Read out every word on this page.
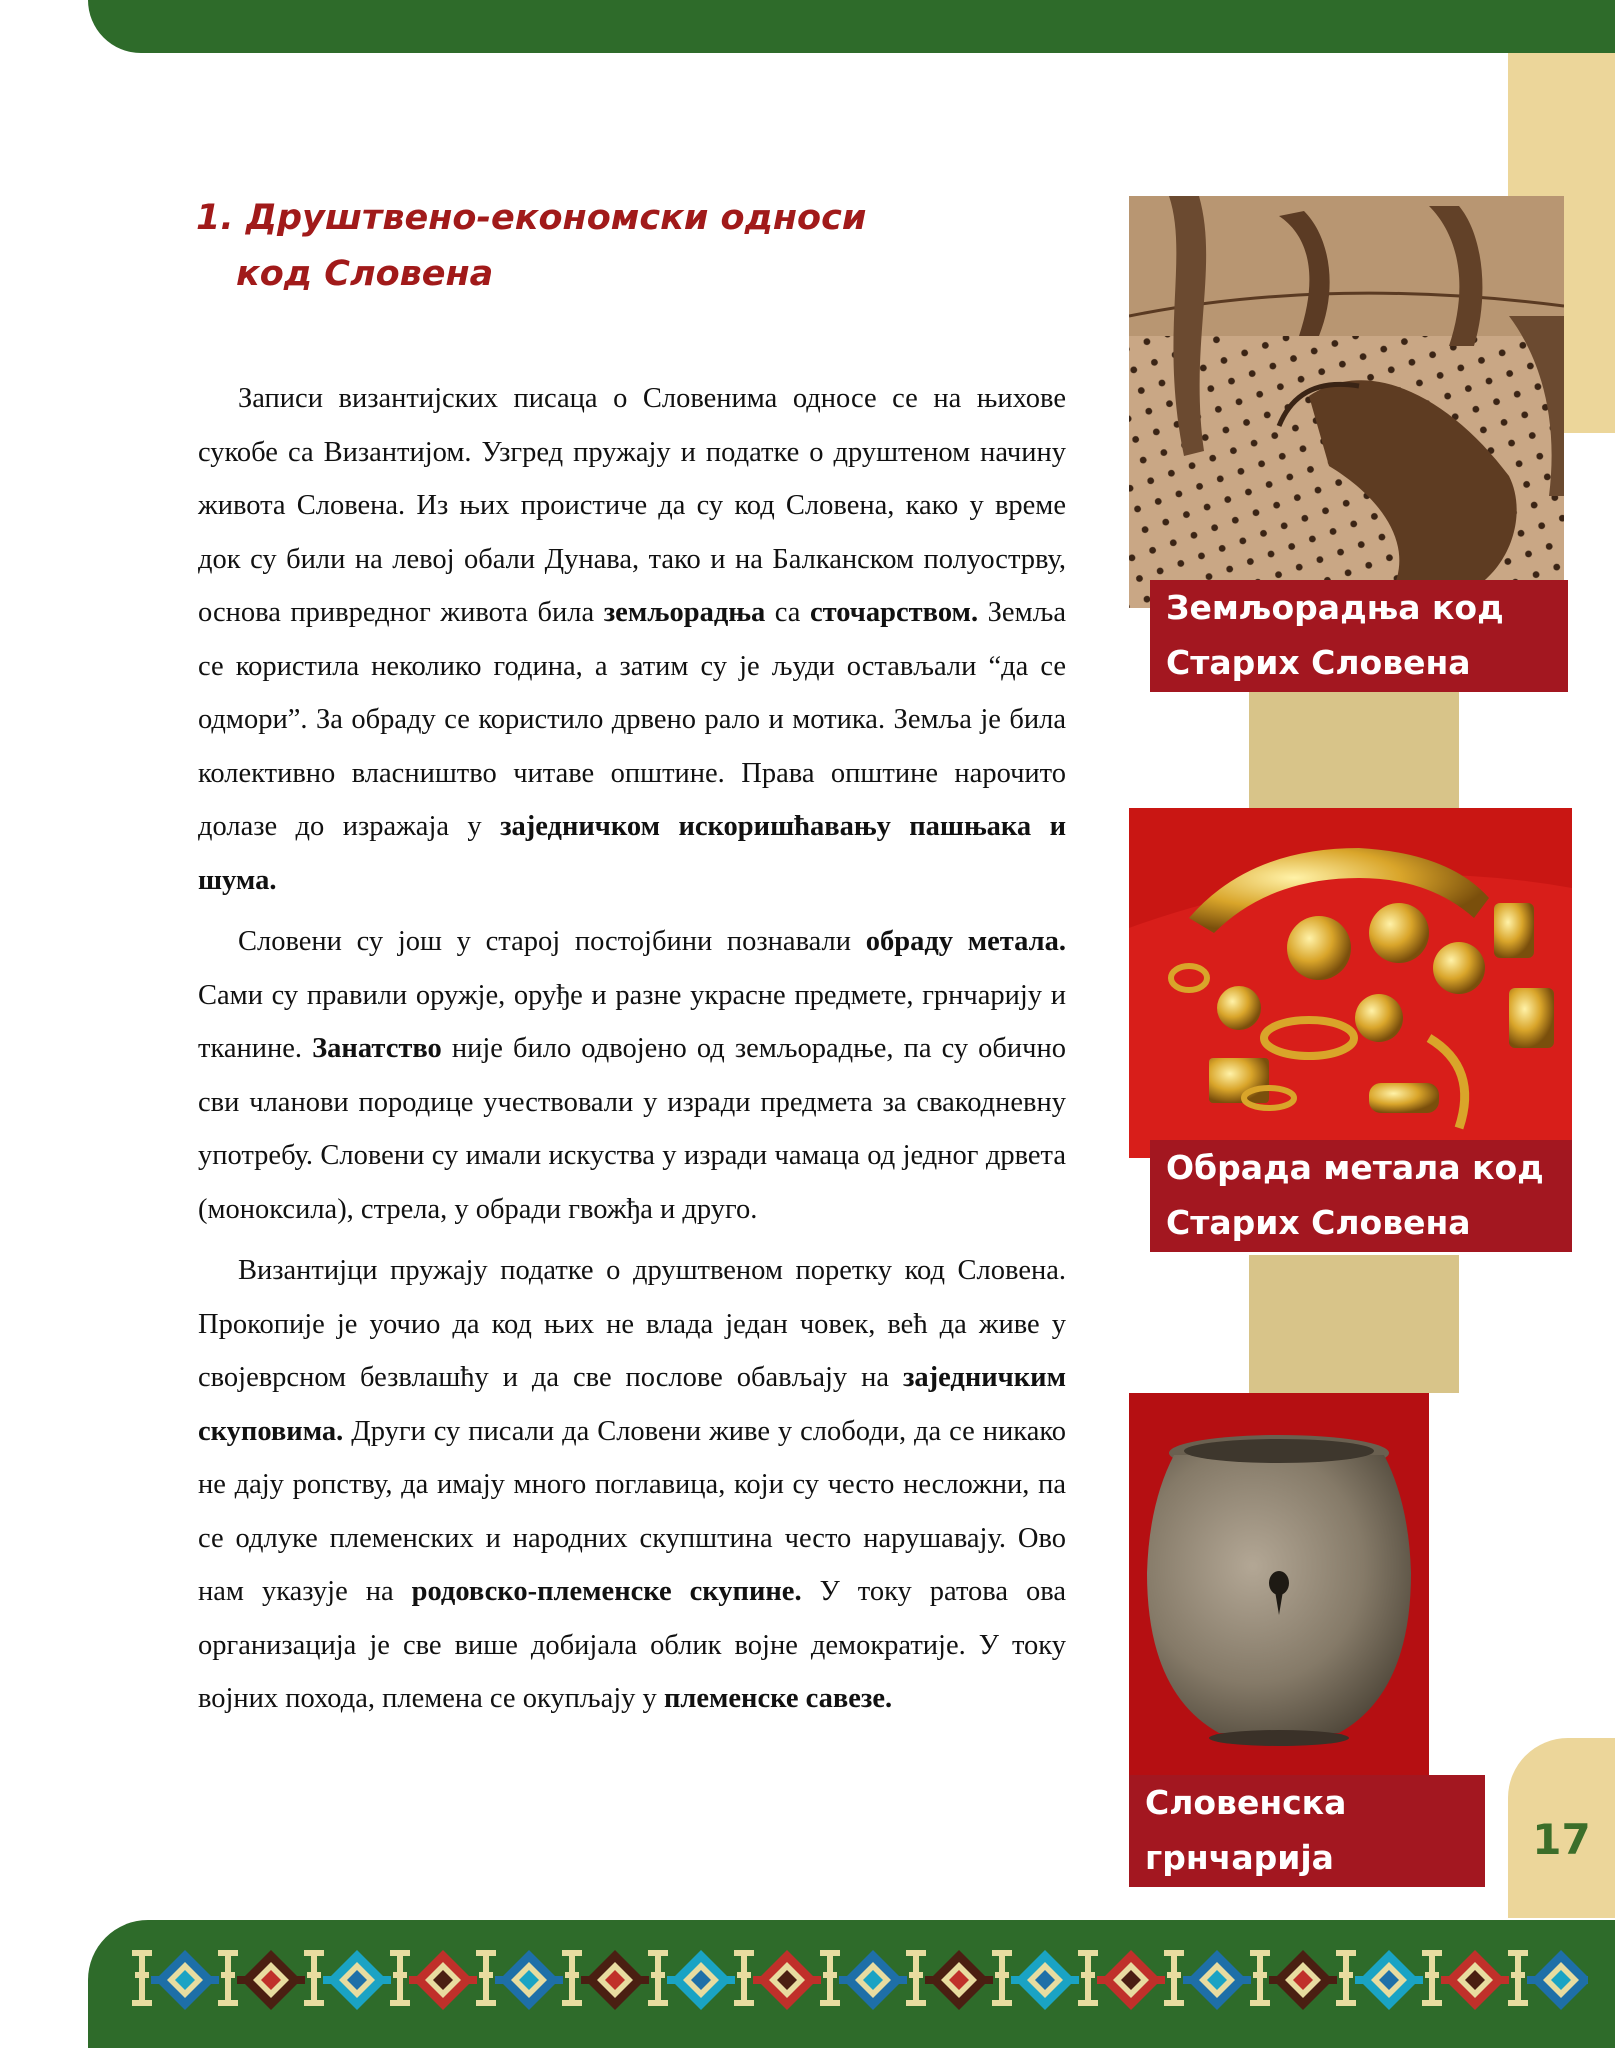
1. Друштвено-економски односи
код Словена

Записи византијских писаца о Словенима односе се на њихове сукобе са Византијом. Узгред пружају и податке о друштеном начину живота Словена. Из њих проистиче да су код Словена, како у време док су били на левој обали Дунава, тако и на Балканском полуострву, основа привредног живота била земљорадња са сточарством. Земља се користила неколико година, а затим су је људи остављали “да се одмори”. За обраду се користило дрвено рало и мотика. Земља је била колективно власништво читаве општине. Права општине нарочито долазе до изражаја у заједничком искоришћавању пашњака и шума.

Словени су још у старој постојбини познавали обраду метала. Сами су правили оружје, оруђе и разне украсне предмете, грнчарију и тканине. Занатство није било одвојено од земљорадње, па су обично сви чланови породице учествовали у изради предмета за свакодневну употребу. Словени су имали искуства у изради чамаца од једног дрвета (моноксила), стрела, у обради гвожђа и друго.

Византијци пружају податке о друштвеном поретку код Словена. Прокопије је уочио да код њих не влада један човек, већ да живе у својеврсном безвлашћу и да све послове обављају на заједничким скуповима. Други су писали да Словени живе у слободи, да се никако не дају ропству, да имају много поглавица, који су често несложни, па се одлуке племенских и народних скупштина често нарушавају. Ово нам указује на родовско-племенске скупине. У току ратова ова организација је све више добијала облик војне демократије. У току војних похода, племена се окупљају у племенске савезе.

Земљорадња код
Старих Словена
Обрада метала код
Старих Словена
Словенска
грнчарија	17
